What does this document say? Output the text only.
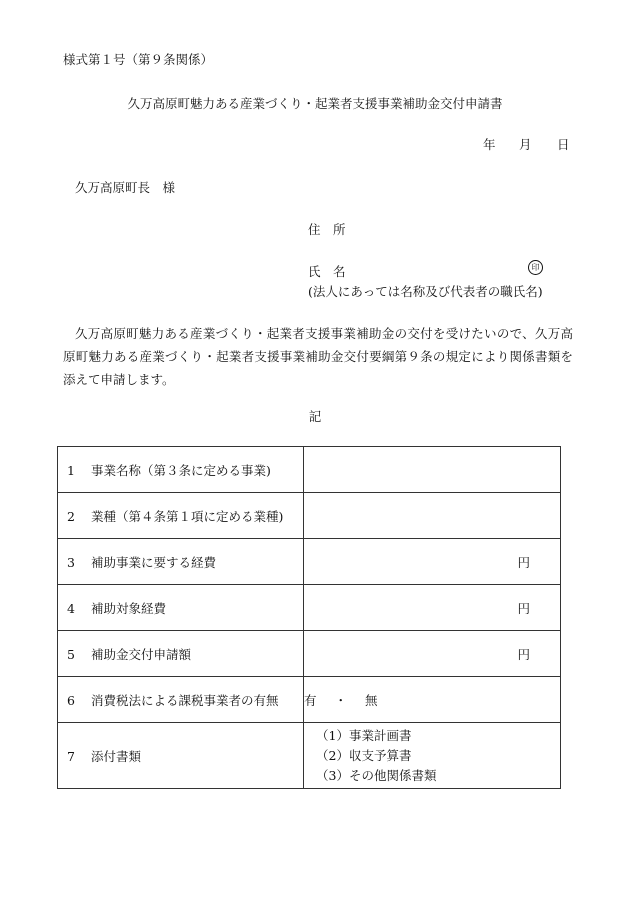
様式第１号（第９条関係）
久万高原町魅力ある産業づくり・起業者支援事業補助金交付申請書
年 月 日
久万高原町長　様
住　所
氏　名	印
(法人にあっては名称及び代表者の職氏名)
久万高原町魅力ある産業づくり・起業者支援事業補助金の交付を受けたいので、久万高原町魅力ある産業づくり・起業者支援事業補助金交付要綱第９条の規定により関係書類を添えて申請します。
記
1 事業名称（第３条に定める事業)	
2 業種（第４条第１項に定める業種)	
3 補助事業に要する経費	円

4 補助対象経費	円

5 補助金交付申請額	円

6 消費税法による課税事業者の有無	有 ・ 無
7 添付書類	（1）事業計画書
（2）収支予算書
（3）その他関係書類
